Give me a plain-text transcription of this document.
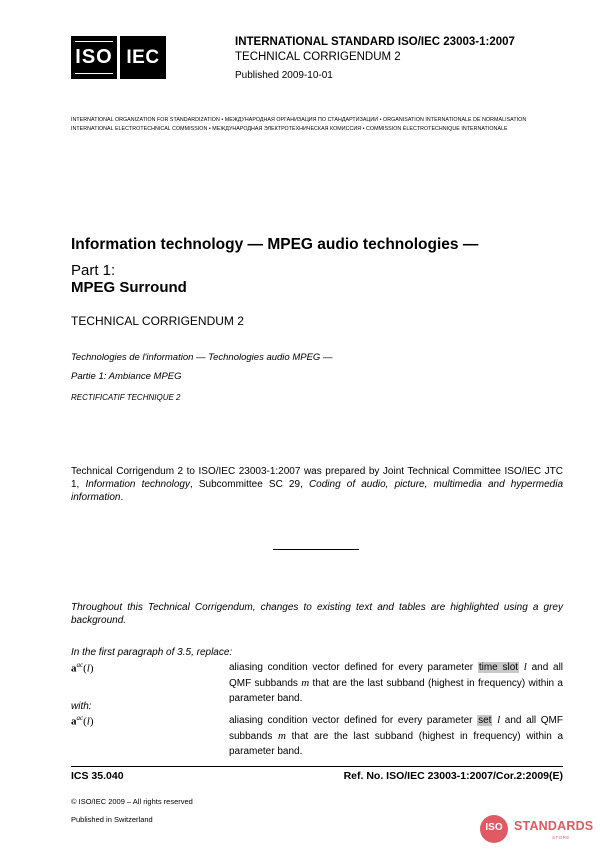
ISO IEC
INTERNATIONAL STANDARD ISO/IEC 23003-1:2007
TECHNICAL CORRIGENDUM 2
Published 2009-10-01
INTERNATIONAL ORGANIZATION FOR STANDARDIZATION • МЕЖДУНАРОДНАЯ ОРГАНИЗАЦИЯ ПО СТАНДАРТИЗАЦИИ • ORGANISATION INTERNATIONALE DE NORMALISATION
INTERNATIONAL ELECTROTECHNICAL COMMISSION • МЕЖДУНАРОДНАЯ ЭЛЕКТРОТЕХНИЧЕСКАЯ КОМИССИЯ • COMMISSION ÉLECTROTECHNIQUE INTERNATIONALE
Information technology — MPEG audio technologies —
Part 1:
MPEG Surround
TECHNICAL CORRIGENDUM 2
Technologies de l'information — Technologies audio MPEG —
Partie 1: Ambiance MPEG
RECTIFICATIF TECHNIQUE 2
Technical Corrigendum 2 to ISO/IEC 23003-1:2007 was prepared by Joint Technical Committee ISO/IEC JTC 1, Information technology, Subcommittee SC 29, Coding of audio, picture, multimedia and hypermedia information.
Throughout this Technical Corrigendum, changes to existing text and tables are highlighted using a grey background.
In the first paragraph of 3.5, replace:
$a^{ac}(l)$	aliasing condition vector defined for every parameter time slot l and all QMF subbands m that are the last subband (highest in frequency) within a parameter band.
with:
$a^{ac}(l)$	aliasing condition vector defined for every parameter set l and all QMF subbands m that are the last subband (highest in frequency) within a parameter band.
ICS 35.040	Ref. No. ISO/IEC 23003-1:2007/Cor.2:2009(E)
© ISO/IEC 2009 – All rights reserved
Published in Switzerland
ISO STANDARDS
STORE
